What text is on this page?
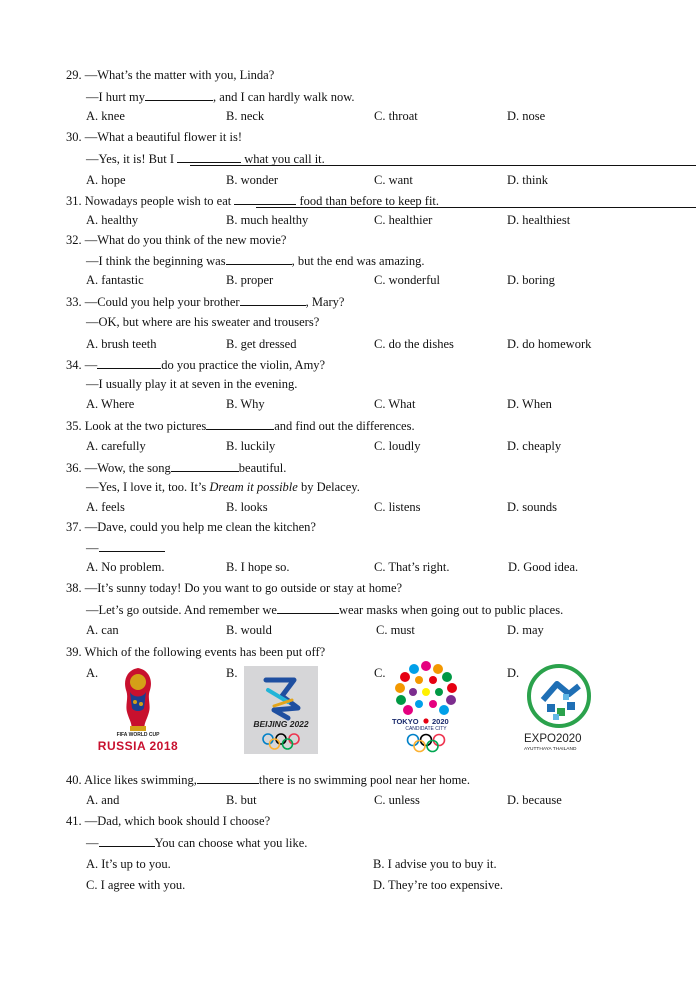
29. —What’s the matter with you, Linda?
—I hurt my	, and I can hardly walk now.
A. knee	B. neck	C. throat	D. nose
30. —What a beautiful flower it is!
—Yes, it is! But I	what you call it.
A. hope	B. wonder	C. want	D. think
31. Nowadays people wish to eat	food than before to keep fit.
A. healthy	B. much healthy	C. healthier	D. healthiest
32. —What do you think of the new movie?
—I think the beginning was	, but the end was amazing.
A. fantastic	B. proper	C. wonderful	D. boring
33. —Could you help your brother	, Mary?
—OK, but where are his sweater and trousers?
A. brush teeth	B. get dressed	C. do the dishes	D. do homework
34. —	do you practice the violin, Amy?
—I usually play it at seven in the evening.
A. Where	B. Why	C. What	D. When
35. Look at the two pictures	and find out the differences.
A. carefully	B. luckily	C. loudly	D. cheaply
36. —Wow, the song	beautiful.
—Yes, I love it, too. It’s Dream it possible by Delacey.
A. feels	B. looks	C. listens	D. sounds
37. —Dave, could you help me clean the kitchen?
—
A. No problem.	B. I hope so.	C. That’s right.	D. Good idea.
38. —It’s sunny today! Do you want to go outside or stay at home?
—Let’s go outside. And remember we	wear masks when going out to public places.
A. can	B. would	C. must	D. may
39. Which of the following events has been put off?
A.	B.	C.	D.
FIFA WORLD CUP
RUSSIA 2018
BEIJING 2022	TOKYO 2020
CANDIDATE CITY
EXPO2020
AYUTTHAYA THAILAND
40. Alice likes swimming,	there is no swimming pool near her home.
A. and	B. but	C. unless	D. because
41. —Dad, which book should I choose?
—	You can choose what you like.
A. It’s up to you.	B. I advise you to buy it.
C. I agree with you.	D. They’re too expensive.
